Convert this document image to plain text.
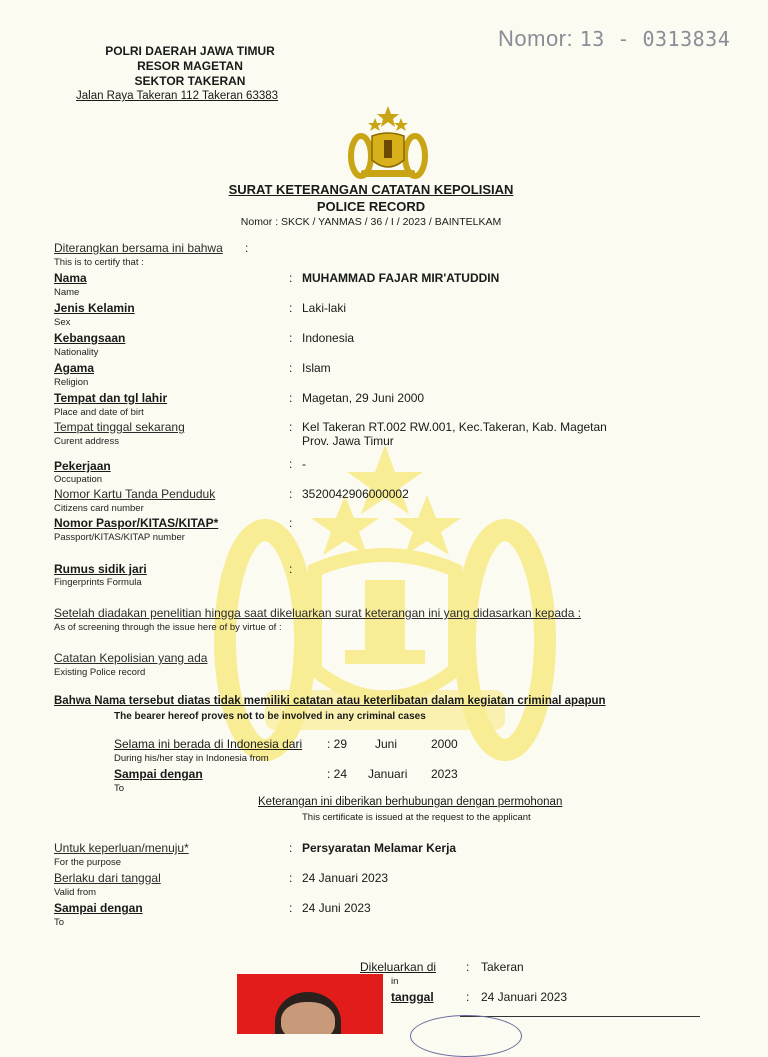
Nomor: 13 - 0313834
POLRI DAERAH JAWA TIMUR
RESOR MAGETAN
SEKTOR TAKERAN
Jalan Raya Takeran 112 Takeran 63383
SURAT KETERANGAN CATATAN KEPOLISIAN
POLICE RECORD
Nomor : SKCK / YANMAS / 36 / I / 2023 / BAINTELKAM
Diterangkan bersama ini bahwa :
This is to certify that :
Nama
Name
: MUHAMMAD FAJAR MIR'ATUDDIN
Jenis Kelamin
Sex
: Laki-laki
Kebangsaan
Nationality
: Indonesia
Agama
Religion
: Islam
Tempat dan tgl lahir
Place and date of birt
: Magetan, 29 Juni 2000
Tempat tinggal sekarang
Curent address
: Kel Takeran RT.002 RW.001, Kec.Takeran, Kab. Magetan
Prov. Jawa Timur
Pekerjaan
Occupation
: -
Nomor Kartu Tanda Penduduk
Citizens card number
: 3520042906000002
Nomor Paspor/KITAS/KITAP*
Passport/KITAS/KITAP number
:
Rumus sidik jari
Fingerprints Formula
:
Setelah diadakan penelitian hingga saat dikeluarkan surat keterangan ini yang didasarkan kepada :
As of screening through the issue here of by virtue of :
Catatan Kepolisian yang ada
Existing Police record
Bahwa Nama tersebut diatas tidak memiliki catatan atau keterlibatan dalam kegiatan criminal apapun
The bearer hereof proves not to be involved in any criminal cases
Selama ini berada di Indonesia dari
During his/her stay in Indonesia from
: 29 Juni	2000
Sampai dengan
To
: 24 Januari 2023
Keterangan ini diberikan berhubungan dengan permohonan
This certificate is issued at the request to the applicant
Untuk keperluan/menuju*
For the purpose
: Persyaratan Melamar Kerja
Berlaku dari tanggal
Valid from
: 24 Januari 2023
Sampai dengan
To
: 24 Juni 2023
Dikeluarkan di : Takeran
in
tanggal	: 24 Januari 2023
